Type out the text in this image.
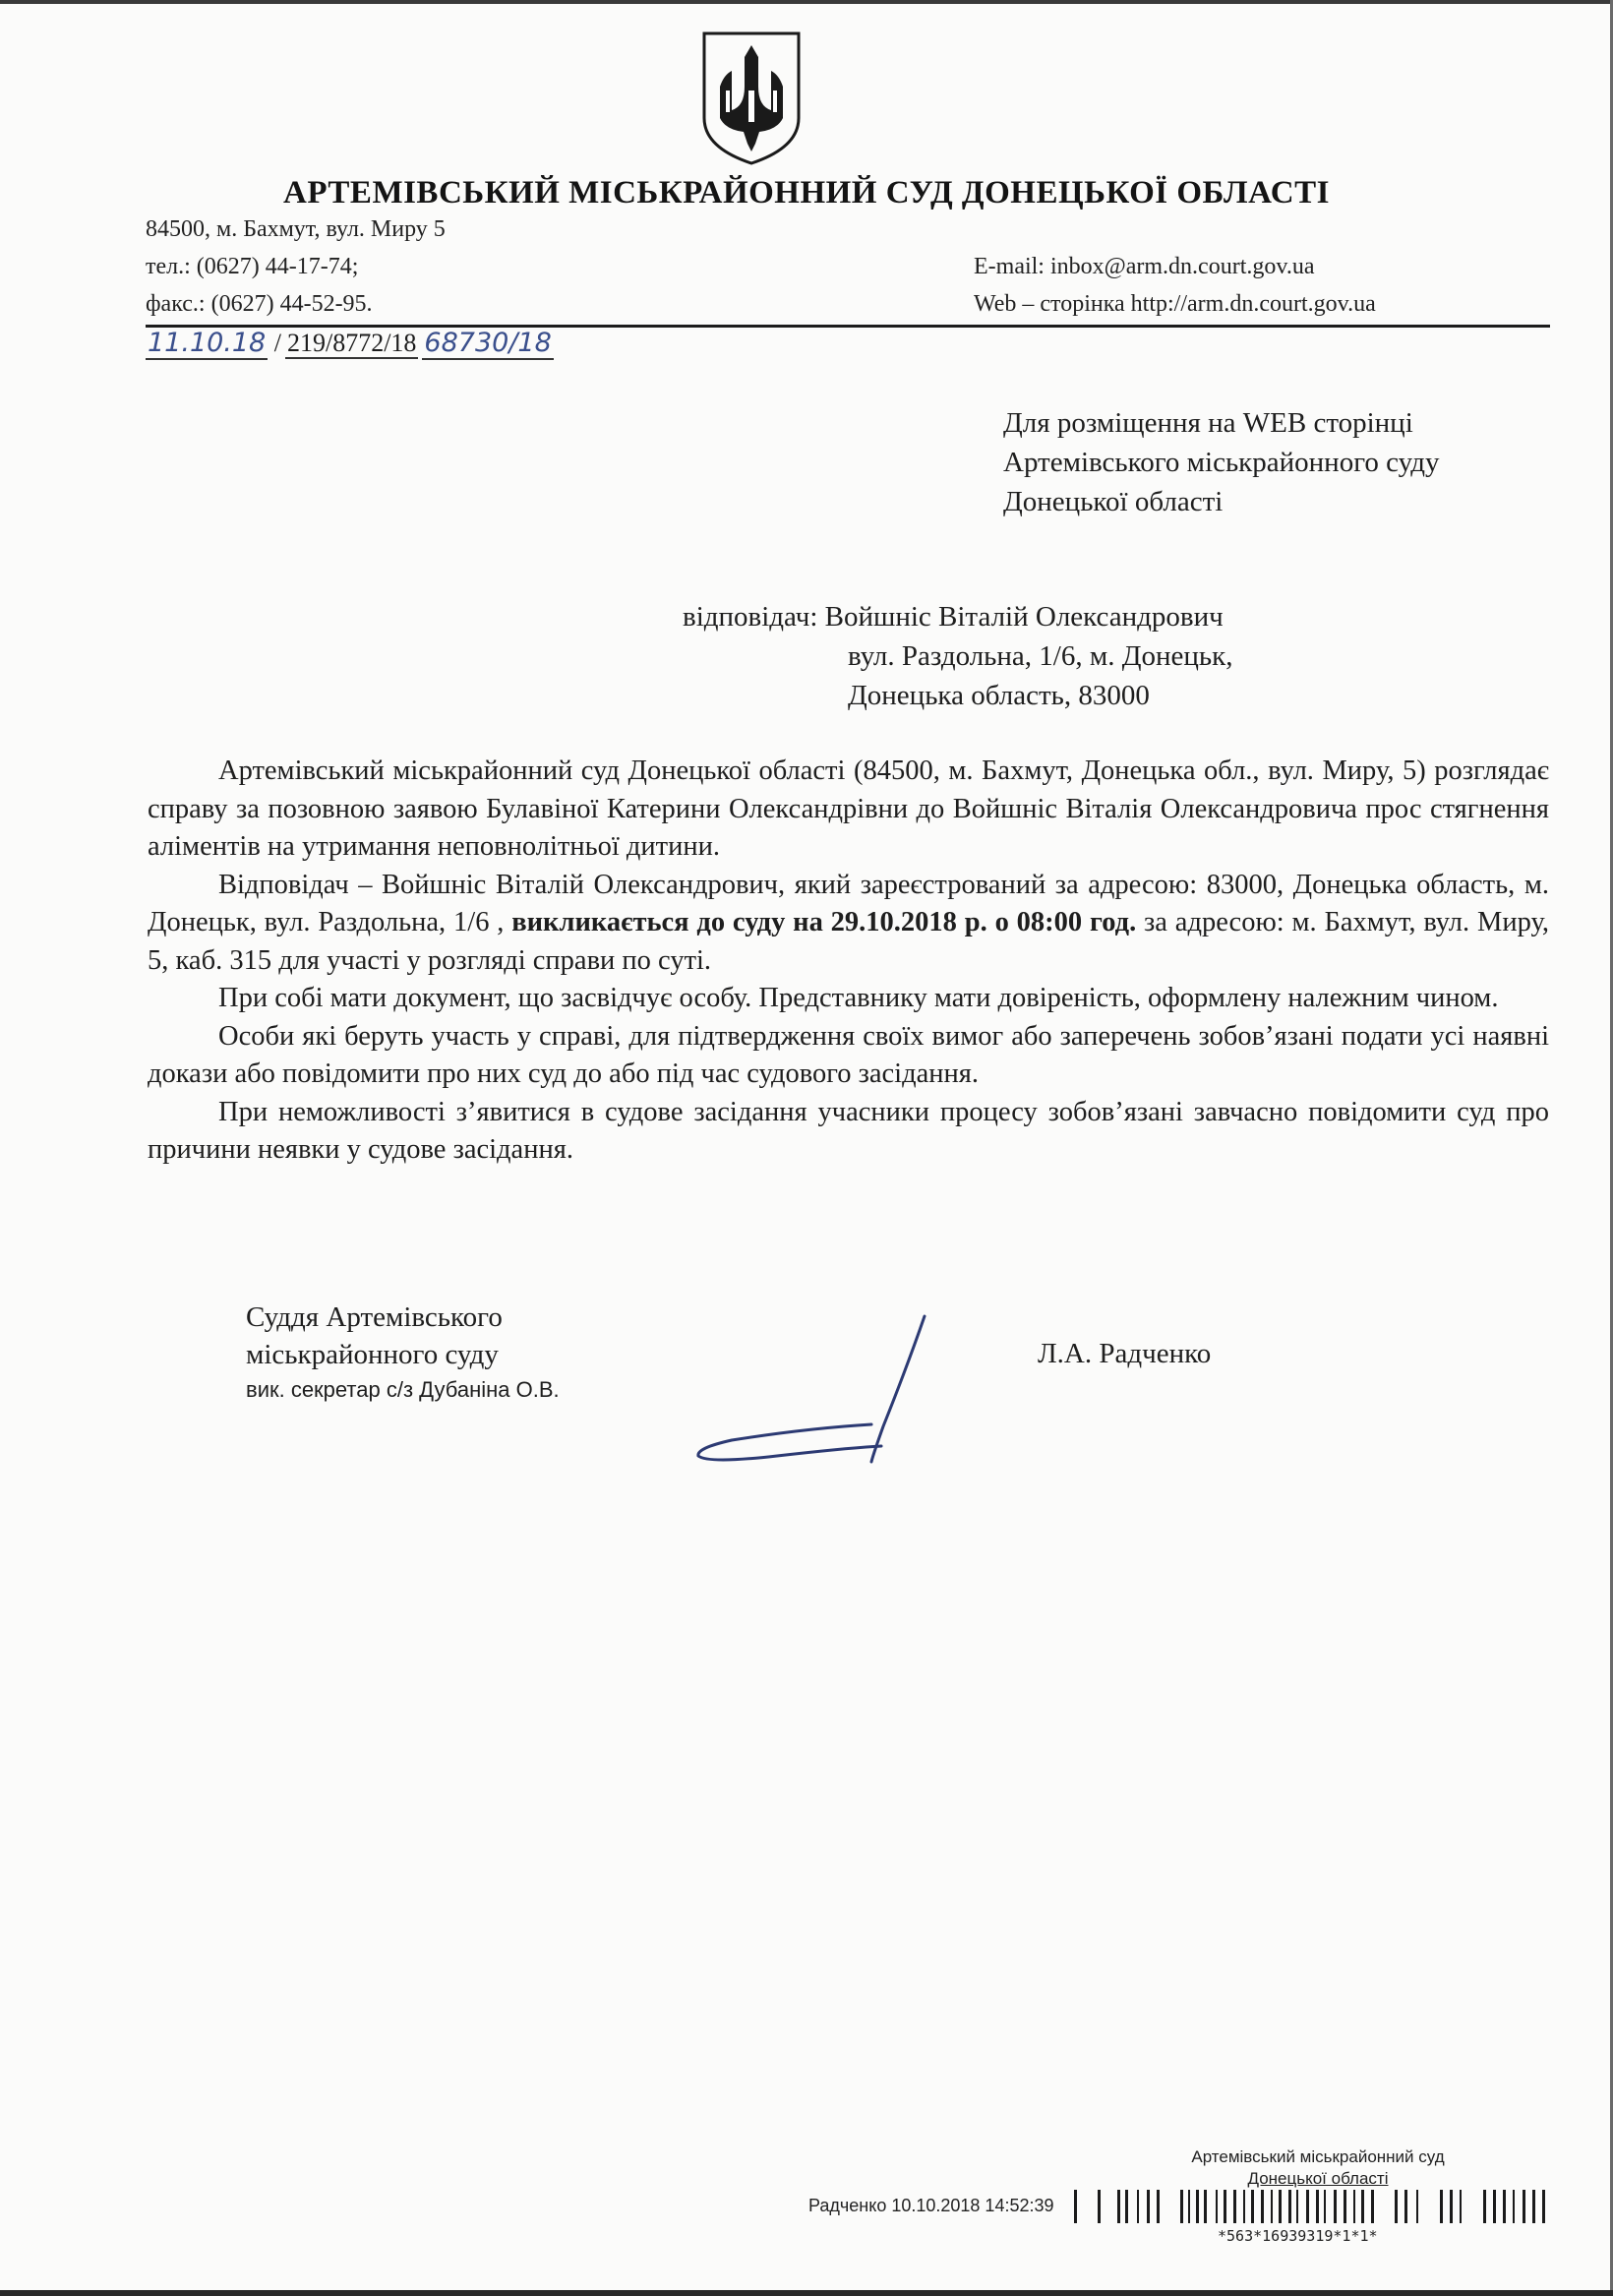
АРТЕМІВСЬКИЙ МІСЬКРАЙОННИЙ СУД ДОНЕЦЬКОЇ ОБЛАСТІ
84500, м. Бахмут, вул. Миру 5
тел.: (0627) 44-17-74;
факс.: (0627) 44-52-95.
E-mail: inbox@arm.dn.court.gov.ua
Web – сторінка http://arm.dn.court.gov.ua
11.10.18 / 219/8772/18 68730/18
Для розміщення на WEB сторінці
Артемівського міськрайонного суду
Донецької області
відповідач: Войшніс Віталій Олександрович
вул. Раздольна, 1/6, м. Донецьк,
Донецька область, 83000

Артемівський міськрайонний суд Донецької області (84500, м. Бахмут, Донецька обл., вул. Миру, 5) розглядає справу за позовною заявою Булавіної Катерини Олександрівни до Войшніс Віталія Олександровича прос стягнення аліментів на утримання неповнолітньої дитини.

Відповідач – Войшніс Віталій Олександрович, який зареєстрований за адресою: 83000, Донецька область, м. Донецьк, вул. Раздольна, 1/6 , викликається до суду на 29.10.2018 р. о 08:00 год. за адресою: м. Бахмут, вул. Миру, 5, каб. 315 для участі у розгляді справи по суті.

При собі мати документ, що засвідчує особу. Представнику мати довіреність, оформлену належним чином.

Особи які беруть участь у справі, для підтвердження своїх вимог або заперечень зобов’язані подати усі наявні докази або повідомити про них суд до або під час судового засідання.

При неможливості з’явитися в судове засідання учасники процесу зобов’язані завчасно повідомити суд про причини неявки у судове засідання.

Суддя Артемівського
міськрайонного суду
вик. секретар с/з Дубаніна О.В.
Л.А. Радченко
Артемівський міськрайонний суд
Донецької області
Радченко 10.10.2018 14:52:39
*563*16939319*1*1*
